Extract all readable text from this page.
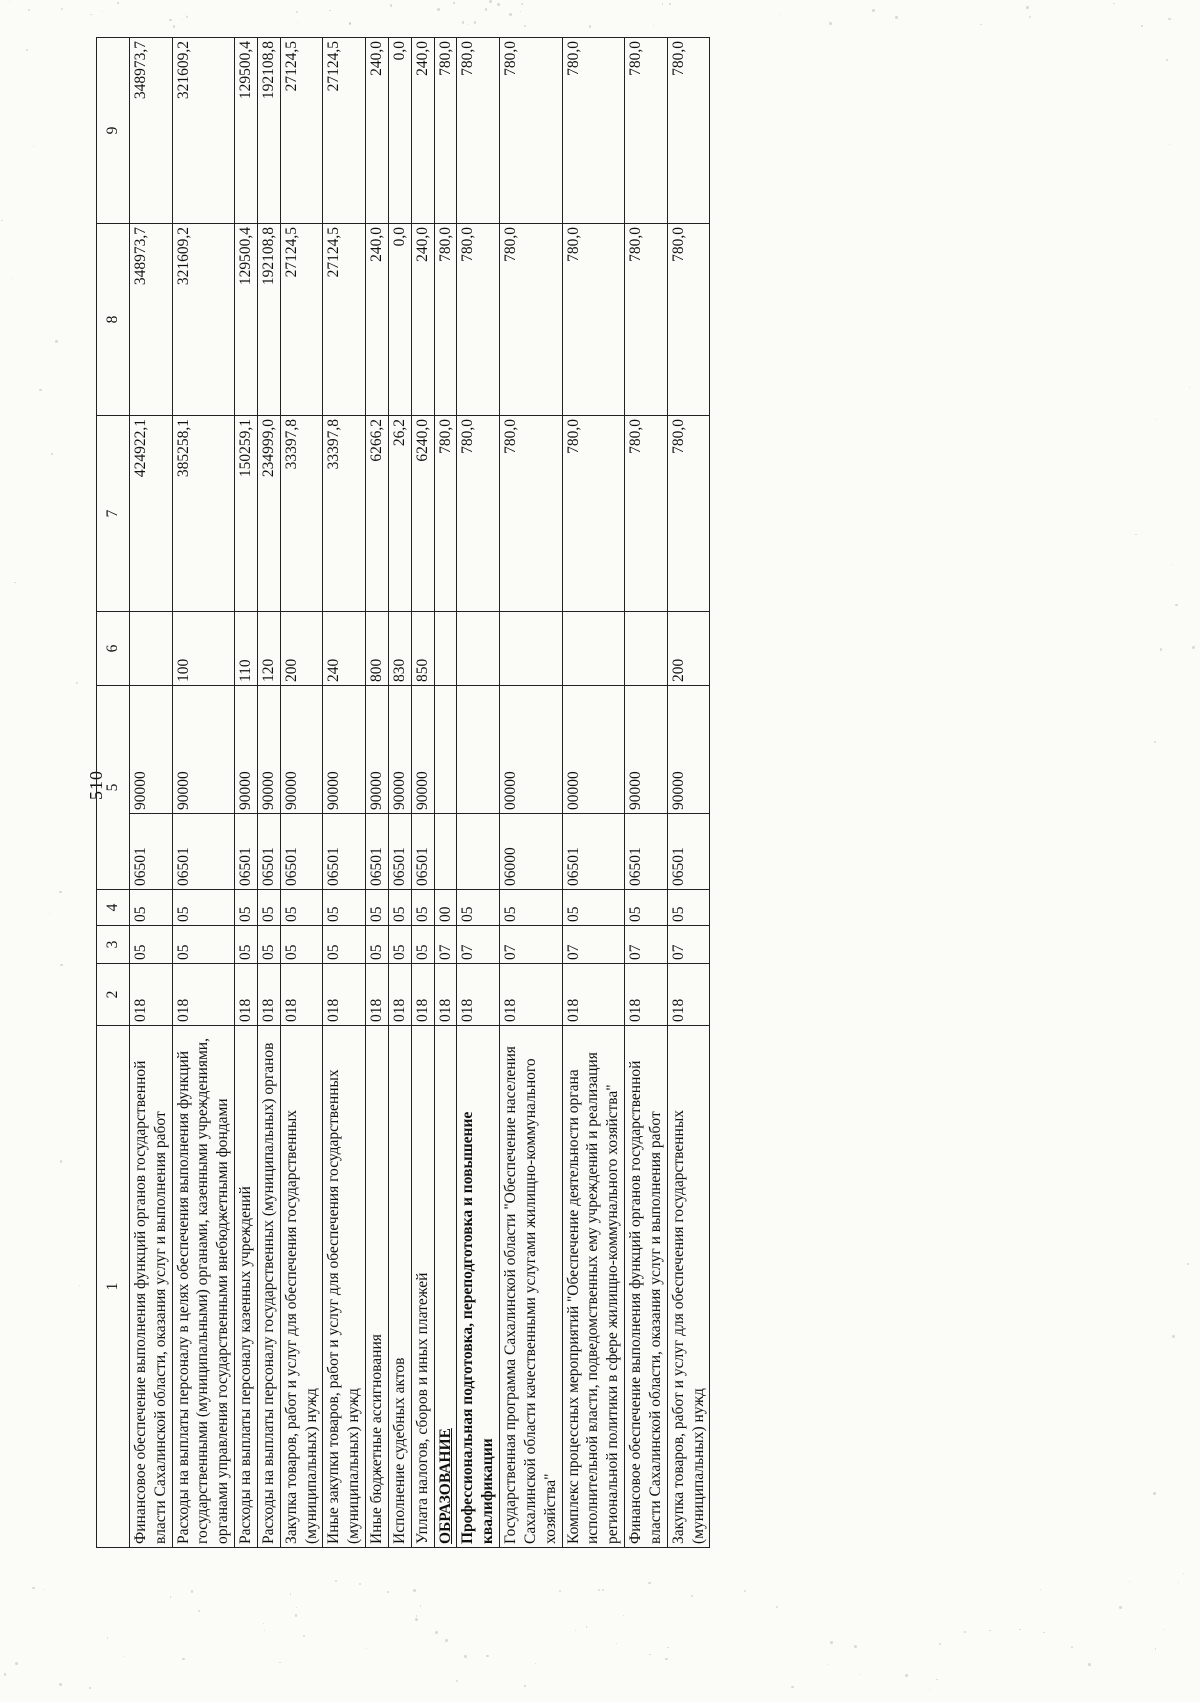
510
1	2	3	4	5		6	7	8	9
Финансовое обеспечение выполнения функций органов государственной власти Сахалинской области, оказания услуг и выполнения работ	018	05	05	06501	90000		424922,1	348973,7	348973,7
Расходы на выплаты персоналу в целях обеспечения выполнения функций государственными (муниципальными) органами, казенными учреждениями, органами управления государственными внебюджетными фондами	018	05	05	06501	90000	100	385258,1	321609,2	321609,2
Расходы на выплаты персоналу казенных учреждений	018	05	05	06501	90000	110	150259,1	129500,4	129500,4
Расходы на выплаты персоналу государственных (муниципальных) органов	018	05	05	06501	90000	120	234999,0	192108,8	192108,8
Закупка товаров, работ и услуг для обеспечения государственных (муниципальных) нужд	018	05	05	06501	90000	200	33397,8	27124,5	27124,5
Иные закупки товаров, работ и услуг для обеспечения государственных (муниципальных) нужд	018	05	05	06501	90000	240	33397,8	27124,5	27124,5
Иные бюджетные ассигнования	018	05	05	06501	90000	800	6266,2	240,0	240,0
Исполнение судебных актов	018	05	05	06501	90000	830	26,2	0,0	0,0
Уплата налогов, сборов и иных платежей	018	05	05	06501	90000	850	6240,0	240,0	240,0
ОБРАЗОВАНИЕ	018	07	00				780,0	780,0	780,0
Профессиональная подготовка, переподготовка и повышение квалификации	018	07	05				780,0	780,0	780,0
Государственная программа Сахалинской области "Обеспечение населения Сахалинской области качественными услугами жилищно-коммунального хозяйства"	018	07	05	06000	00000		780,0	780,0	780,0
Комплекс процессных мероприятий "Обеспечение деятельности органа исполнительной власти, подведомственных ему учреждений и реализация региональной политики в сфере жилищно-коммунального хозяйства"	018	07	05	06501	00000		780,0	780,0	780,0
Финансовое обеспечение выполнения функций органов государственной власти Сахалинской области, оказания услуг и выполнения работ	018	07	05	06501	90000		780,0	780,0	780,0
Закупка товаров, работ и услуг для обеспечения государственных (муниципальных) нужд	018	07	05	06501	90000	200	780,0	780,0	780,0
